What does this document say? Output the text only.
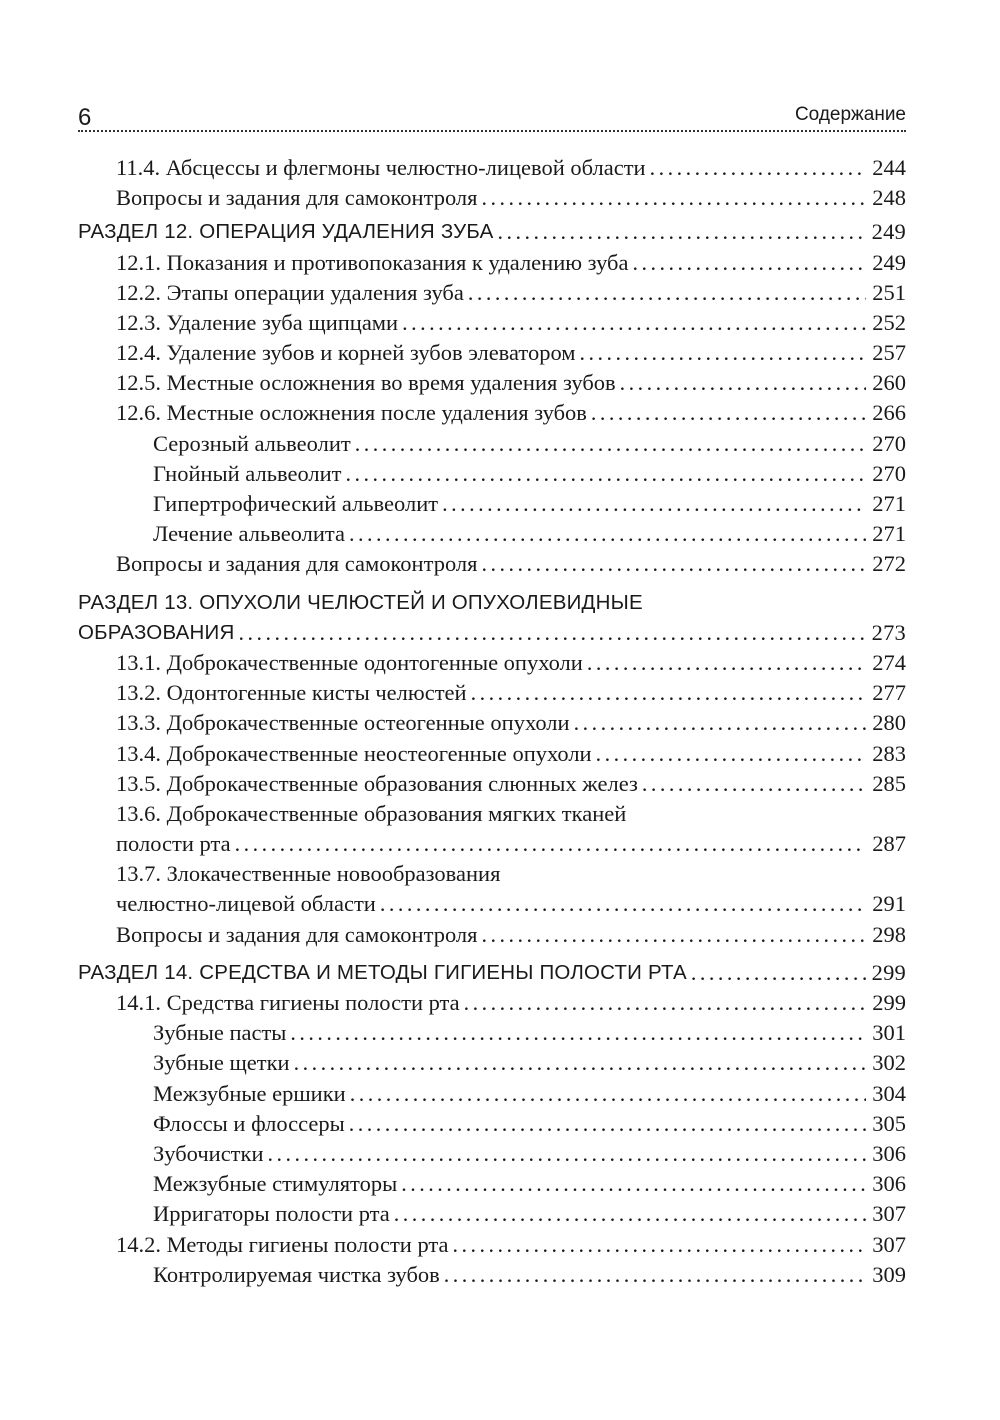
6	Содержание
11.4. Абсцессы и флегмоны челюстно-лицевой области . . .	244
Вопросы и задания для самоконтроля . . .	248
РАЗДЕЛ 12. ОПЕРАЦИЯ УДАЛЕНИЯ ЗУБА . . .	249
12.1. Показания и противопоказания к удалению зуба . . .	249
12.2. Этапы операции удаления зуба . . .	251
12.3. Удаление зуба щипцами . . .	252
12.4. Удаление зубов и корней зубов элеватором . . .	257
12.5. Местные осложнения во время удаления зубов . . .	260
12.6. Местные осложнения после удаления зубов . . .	266
Серозный альвеолит . . .	270
Гнойный альвеолит . . .	270
Гипертрофический альвеолит . . .	271
Лечение альвеолита . . .	271
Вопросы и задания для самоконтроля . . .	272
РАЗДЕЛ 13. ОПУХОЛИ ЧЕЛЮСТЕЙ И ОПУХОЛЕВИДНЫЕ
ОБРАЗОВАНИЯ . . .	273
13.1. Доброкачественные одонтогенные опухоли . . .	274
13.2. Одонтогенные кисты челюстей . . .	277
13.3. Доброкачественные остеогенные опухоли . . .	280
13.4. Доброкачественные неостеогенные опухоли . . .	283
13.5. Доброкачественные образования слюнных желез . . .	285
13.6. Доброкачественные образования мягких тканей
полости рта . . .	287
13.7. Злокачественные новообразования
челюстно-лицевой области . . .	291
Вопросы и задания для самоконтроля . . .	298
РАЗДЕЛ 14. СРЕДСТВА И МЕТОДЫ ГИГИЕНЫ ПОЛОСТИ РТА . . .	299
14.1. Средства гигиены полости рта . . .	299
Зубные пасты . . .	301
Зубные щетки . . .	302
Межзубные ершики . . .	304
Флоссы и флоссеры . . .	305
Зубочистки . . .	306
Межзубные стимуляторы . . .	306
Ирригаторы полости рта . . .	307
14.2. Методы гигиены полости рта . . .	307
Контролируемая чистка зубов . . .	309
